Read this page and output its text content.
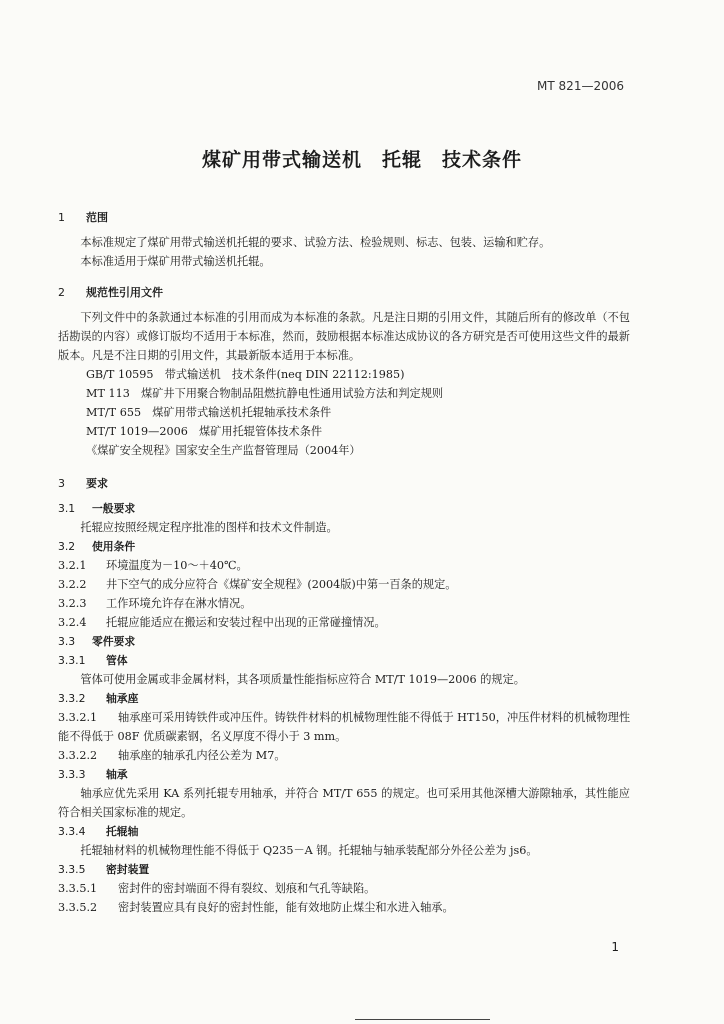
MT 821—2006
煤矿用带式输送机　托辊　技术条件
1 范围

本标准规定了煤矿用带式输送机托辊的要求、试验方法、检验规则、标志、包装、运输和贮存。

本标准适用于煤矿用带式输送机托辊。

2 规范性引用文件

下列文件中的条款通过本标准的引用而成为本标准的条款。凡是注日期的引用文件，其随后所有的修改单（不包括勘误的内容）或修订版均不适用于本标准，然而，鼓励根据本标准达成协议的各方研究是否可使用这些文件的最新版本。凡是不注日期的引用文件，其最新版本适用于本标准。

GB/T 10595　带式输送机　技术条件(neq DIN 22112:1985)

MT 113　煤矿井下用聚合物制品阻燃抗静电性通用试验方法和判定规则

MT/T 655　煤矿用带式输送机托辊轴承技术条件

MT/T 1019—2006　煤矿用托辊管体技术条件

《煤矿安全规程》国家安全生产监督管理局（2004年）

3 要求
3.1 一般要求

托辊应按照经规定程序批准的图样和技术文件制造。

3.2 使用条件

3.2.1 环境温度为－10～＋40℃。

3.2.2 井下空气的成分应符合《煤矿安全规程》(2004版)中第一百条的规定。

3.2.3 工作环境允许存在淋水情况。

3.2.4 托辊应能适应在搬运和安装过程中出现的正常碰撞情况。

3.3 零件要求
3.3.1 管体

管体可使用金属或非金属材料，其各项质量性能指标应符合 MT/T 1019—2006 的规定。

3.3.2 轴承座

3.3.2.1 轴承座可采用铸铁件或冲压件。铸铁件材料的机械物理性能不得低于 HT150，冲压件材料的机械物理性能不得低于 08F 优质碳素钢，名义厚度不得小于 3 mm。

3.3.2.2 轴承座的轴承孔内径公差为 M7。

3.3.3 轴承

轴承应优先采用 KA 系列托辊专用轴承，并符合 MT/T 655 的规定。也可采用其他深槽大游隙轴承，其性能应符合相关国家标准的规定。

3.3.4 托辊轴

托辊轴材料的机械物理性能不得低于 Q235－A 钢。托辊轴与轴承装配部分外径公差为 js6。

3.3.5 密封装置

3.3.5.1 密封件的密封端面不得有裂纹、划痕和气孔等缺陷。

3.3.5.2 密封装置应具有良好的密封性能，能有效地防止煤尘和水进入轴承。

1
